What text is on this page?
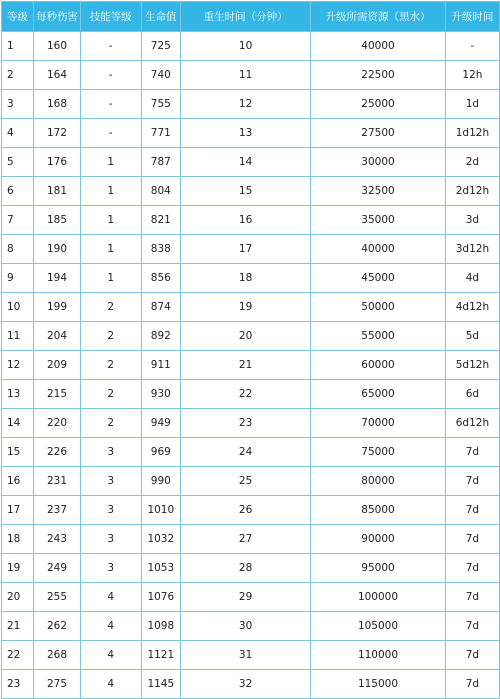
等级	每秒伤害	技能等级	生命值	重生时间（分钟）	升级所需资源（黑水）	升级时间
1	160	-	725	10	40000	-
2	164	-	740	11	22500	12h
3	168	-	755	12	25000	1d
4	172	-	771	13	27500	1d12h
5	176	1	787	14	30000	2d
6	181	1	804	15	32500	2d12h
7	185	1	821	16	35000	3d
8	190	1	838	17	40000	3d12h
9	194	1	856	18	45000	4d
10	199	2	874	19	50000	4d12h
11	204	2	892	20	55000	5d
12	209	2	911	21	60000	5d12h
13	215	2	930	22	65000	6d
14	220	2	949	23	70000	6d12h
15	226	3	969	24	75000	7d
16	231	3	990	25	80000	7d
17	237	3	1010	26	85000	7d
18	243	3	1032	27	90000	7d
19	249	3	1053	28	95000	7d
20	255	4	1076	29	100000	7d
21	262	4	1098	30	105000	7d
22	268	4	1121	31	110000	7d
23	275	4	1145	32	115000	7d
